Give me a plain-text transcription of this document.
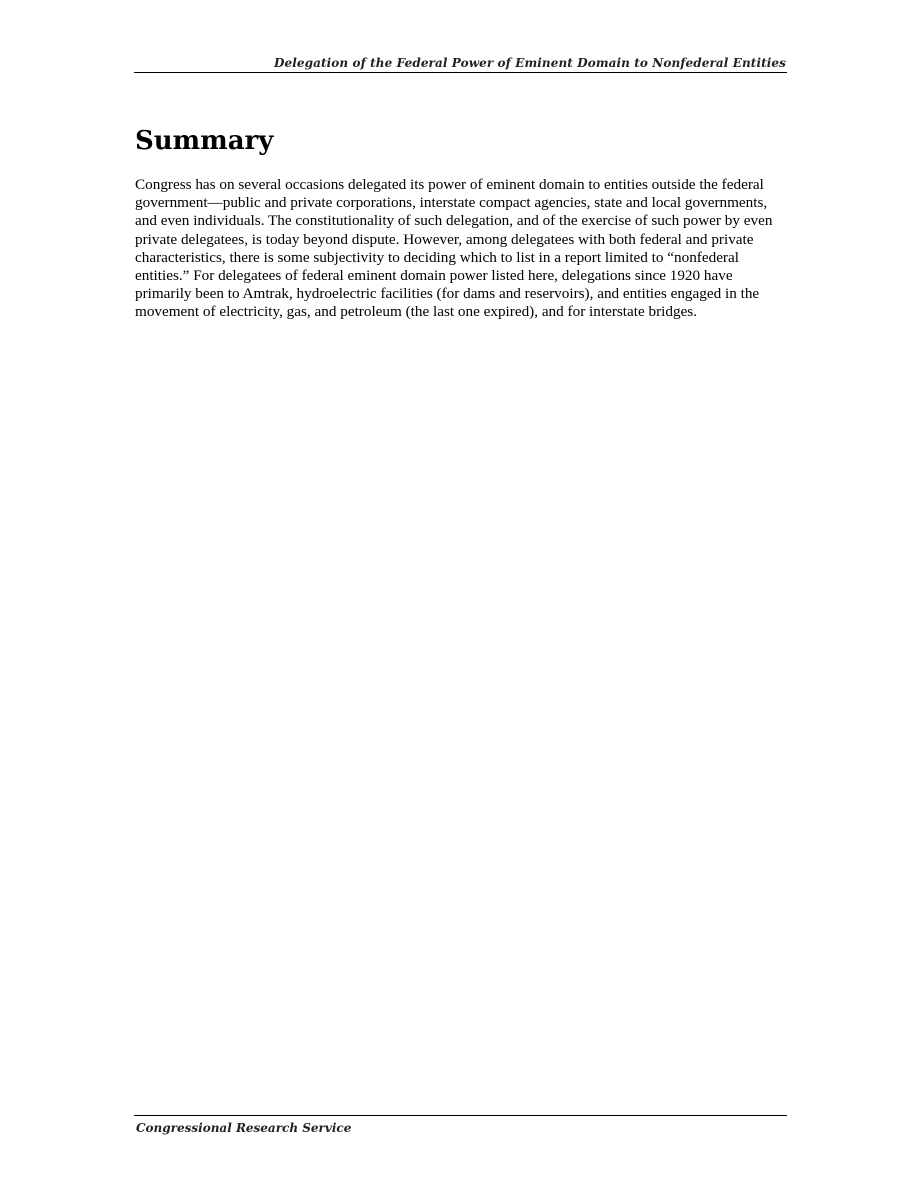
Delegation of the Federal Power of Eminent Domain to Nonfederal Entities
Summary

Congress has on several occasions delegated its power of eminent domain to entities outside the federal government—public and private corporations, interstate compact agencies, state and local governments, and even individuals. The constitutionality of such delegation, and of the exercise of such power by even private delegatees, is today beyond dispute. However, among delegatees with both federal and private characteristics, there is some subjectivity to deciding which to list in a report limited to “nonfederal entities.” For delegatees of federal eminent domain power listed here, delegations since 1920 have primarily been to Amtrak, hydroelectric facilities (for dams and reservoirs), and entities engaged in the movement of electricity, gas, and petroleum (the last one expired), and for interstate bridges.

Congressional Research Service
